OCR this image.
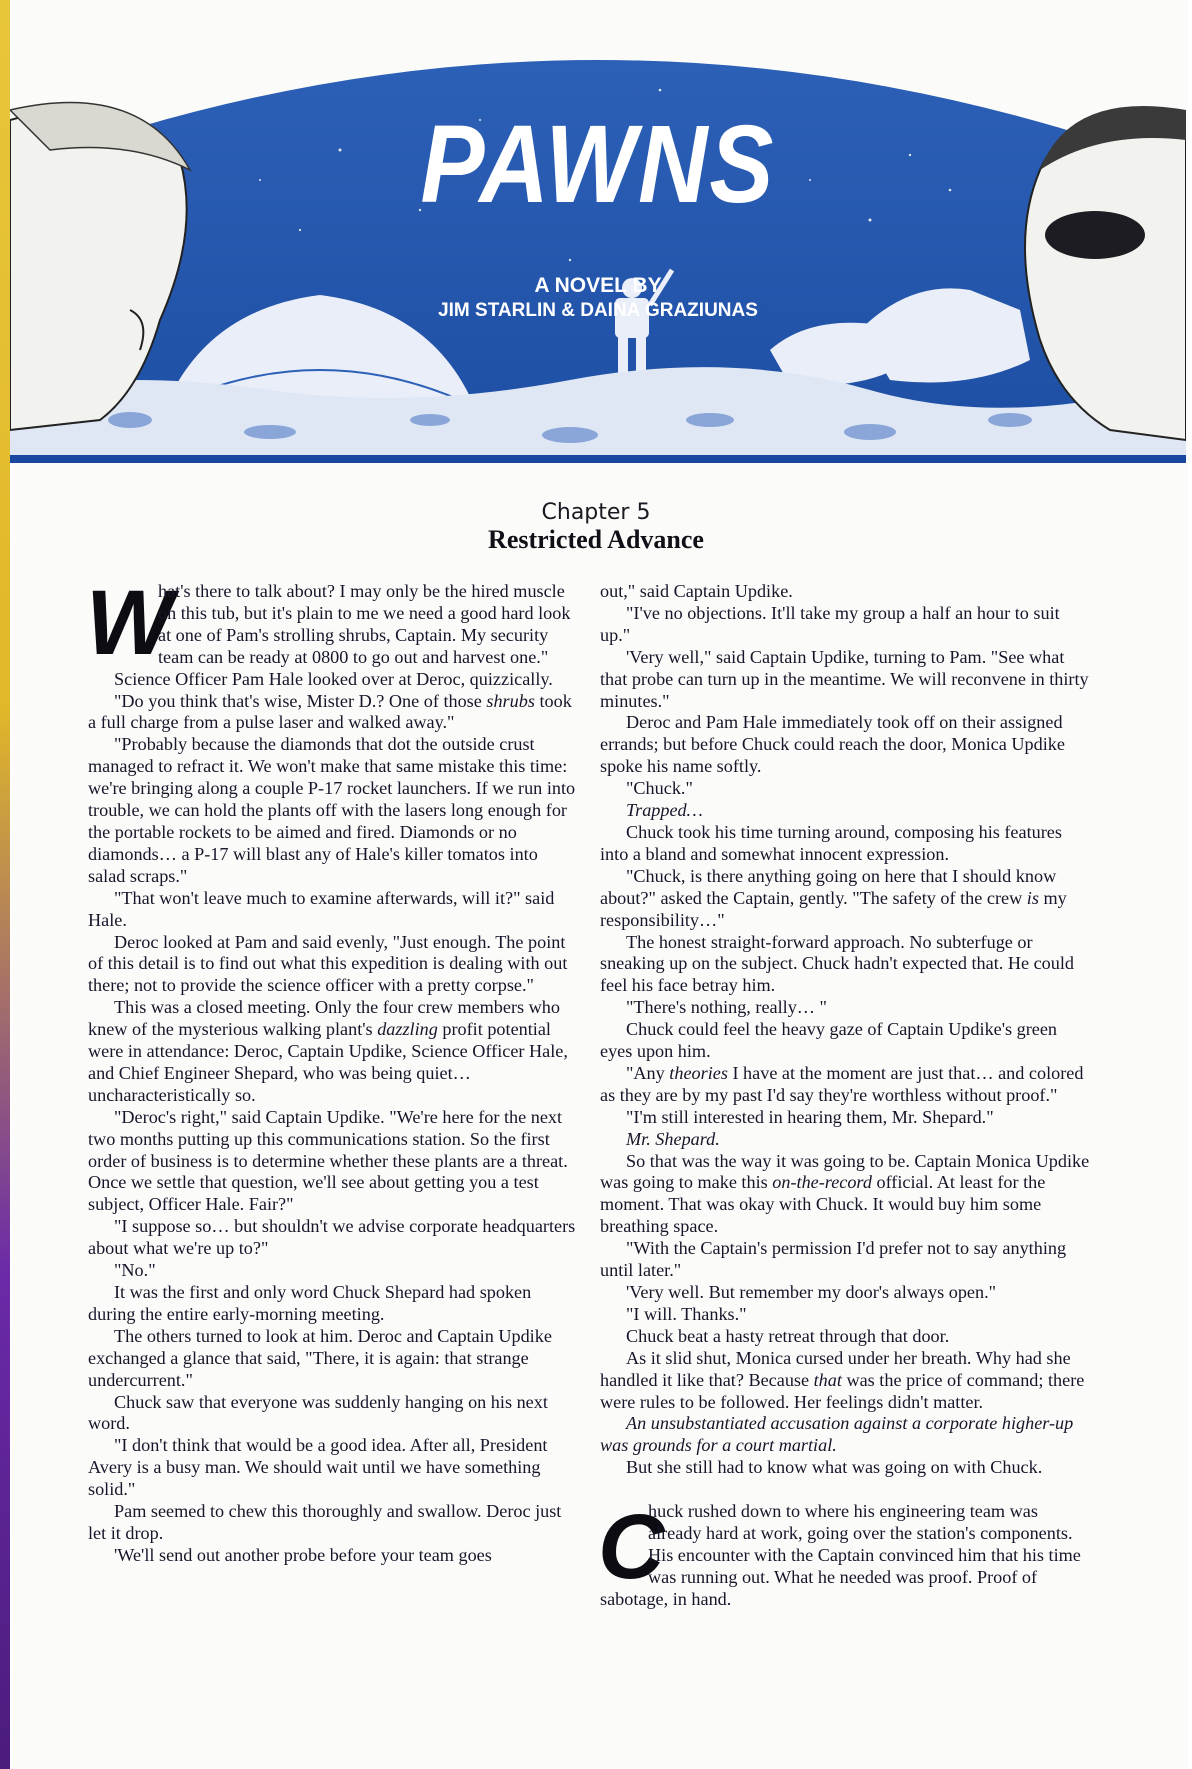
PAWNS
A NOVEL BY
JIM STARLIN & DAINA GRAZIUNAS
Chapter 5
Restricted Advance

W
hat's there to talk about? I may only be the hired muscle on this tub, but it's plain to me we need a good hard look at one of Pam's strolling shrubs, Captain. My security team can be ready at 0800 to go out and harvest one."

Science Officer Pam Hale looked over at Deroc, quizzically.

"Do you think that's wise, Mister D.? One of those shrubs took a full charge from a pulse laser and walked away."

"Probably because the diamonds that dot the outside crust managed to refract it. We won't make that same mistake this time: we're bringing along a couple P-17 rocket launchers. If we run into trouble, we can hold the plants off with the lasers long enough for the portable rockets to be aimed and fired. Diamonds or no diamonds… a P-17 will blast any of Hale's killer tomatos into salad scraps."

"That won't leave much to examine afterwards, will it?" said Hale.

Deroc looked at Pam and said evenly, "Just enough. The point of this detail is to find out what this expedition is dealing with out there; not to provide the science officer with a pretty corpse."

This was a closed meeting. Only the four crew members who knew of the mysterious walking plant's dazzling profit potential were in attendance: Deroc, Captain Updike, Science Officer Hale, and Chief Engineer Shepard, who was being quiet… uncharacteristically so.

"Deroc's right," said Captain Updike. "We're here for the next two months putting up this communications station. So the first order of business is to determine whether these plants are a threat. Once we settle that question, we'll see about getting you a test subject, Officer Hale. Fair?"

"I suppose so… but shouldn't we advise corporate headquarters about what we're up to?"

"No."

It was the first and only word Chuck Shepard had spoken during the entire early-morning meeting.

The others turned to look at him. Deroc and Captain Updike exchanged a glance that said, "There, it is again: that strange undercurrent."

Chuck saw that everyone was suddenly hanging on his next word.

"I don't think that would be a good idea. After all, President Avery is a busy man. We should wait until we have something solid."

Pam seemed to chew this thoroughly and swallow. Deroc just let it drop.

'We'll send out another probe before your team goes

out," said Captain Updike.

"I've no objections. It'll take my group a half an hour to suit up."

'Very well," said Captain Updike, turning to Pam. "See what that probe can turn up in the meantime. We will reconvene in thirty minutes."

Deroc and Pam Hale immediately took off on their assigned errands; but before Chuck could reach the door, Monica Updike spoke his name softly.

"Chuck."

Trapped…

Chuck took his time turning around, composing his features into a bland and somewhat innocent expression.

"Chuck, is there anything going on here that I should know about?" asked the Captain, gently. "The safety of the crew is my responsibility…"

The honest straight-forward approach. No subterfuge or sneaking up on the subject. Chuck hadn't expected that. He could feel his face betray him.

"There's nothing, really… "

Chuck could feel the heavy gaze of Captain Updike's green eyes upon him.

"Any theories I have at the moment are just that… and colored as they are by my past I'd say they're worthless without proof."

"I'm still interested in hearing them, Mr. Shepard."

Mr. Shepard.

So that was the way it was going to be. Captain Monica Updike was going to make this on-the-record official. At least for the moment. That was okay with Chuck. It would buy him some breathing space.

"With the Captain's permission I'd prefer not to say anything until later."

'Very well. But remember my door's always open."

"I will. Thanks."

Chuck beat a hasty retreat through that door.

As it slid shut, Monica cursed under her breath. Why had she handled it like that? Because that was the price of command; there were rules to be followed. Her feelings didn't matter.

An unsubstantiated accusation against a corporate higher-up was grounds for a court martial.

But she still had to know what was going on with Chuck.

C
huck rushed down to where his engineering team was already hard at work, going over the station's components. His encounter with the Captain convinced him that his time was running out. What he needed was proof. Proof of sabotage, in hand.
